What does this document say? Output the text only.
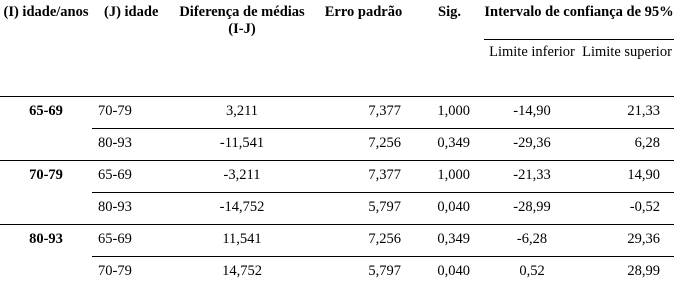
(I) idade/anos	(J) idade	Diferença de médias (I-J)	Erro padrão	Sig.	Intervalo de confiança de 95%	
					Limite inferior	Limite superior

65-69	70-79	3,211	7,377	1,000	-14,90	21,33
	80-93	-11,541	7,256	0,349	-29,36	6,28
70-79	65-69	-3,211	7,377	1,000	-21,33	14,90
	80-93	-14,752	5,797	0,040	-28,99	-0,52
80-93	65-69	11,541	7,256	0,349	-6,28	29,36
	70-79	14,752	5,797	0,040	0,52	28,99
